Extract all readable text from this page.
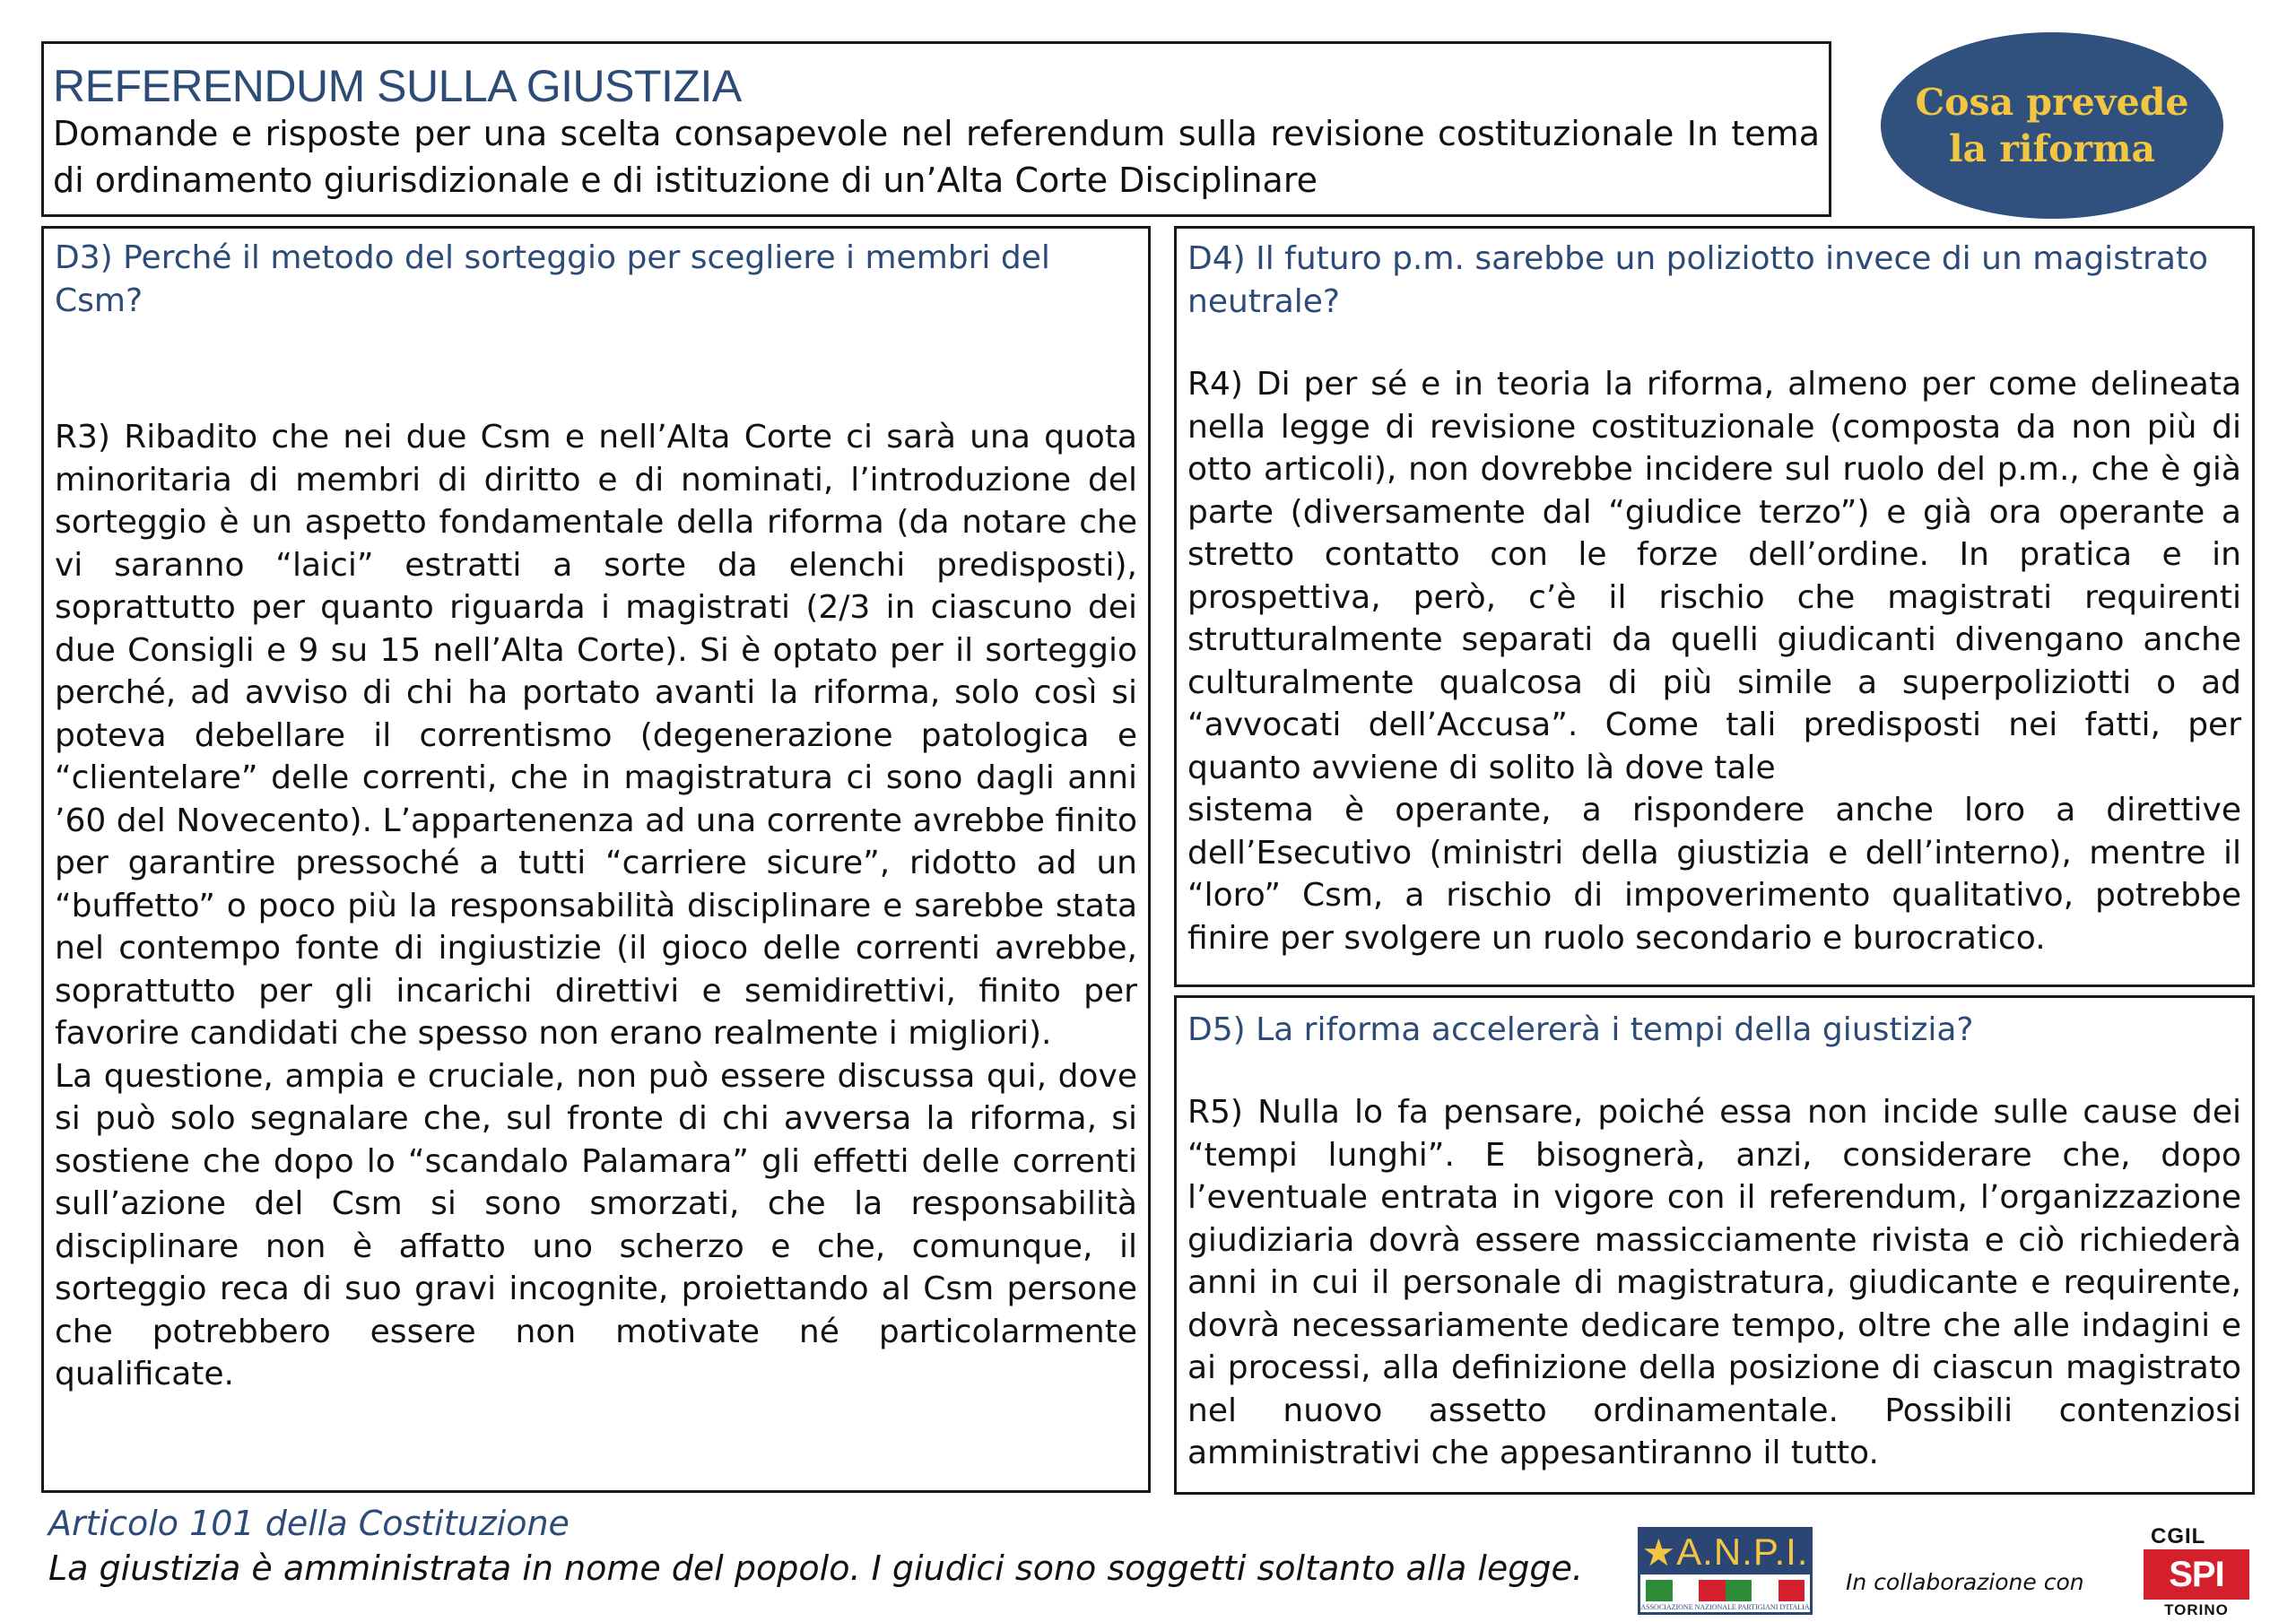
REFERENDUM SULLA GIUSTIZIA
Domande e risposte per una scelta consapevole nel referendum sulla revisione costituzionale In tema di ordinamento giurisdizionale e di istituzione di un’Alta Corte Disciplinare
Cosa prevede la riforma
D3) Perché il metodo del sorteggio per scegliere i membri del Csm?
R3) Ribadito che nei due Csm e nell’Alta Corte ci sarà una quota minoritaria di membri di diritto e di nominati, l’introduzione del sorteggio è un aspetto fondamentale della riforma (da notare che vi saranno “laici” estratti a sorte da elenchi predisposti), soprattutto per quanto riguarda i magistrati (2/3 in ciascuno dei due Consigli e 9 su 15 nell’Alta Corte). Si è optato per il sorteggio perché, ad avviso di chi ha portato avanti la riforma, solo così si poteva debellare il correntismo (degenerazione patologica e “clientelare” delle correnti, che in magistratura ci sono dagli anni ’60 del Novecento). L’appartenenza ad una corrente avrebbe finito per garantire pressoché a tutti “carriere sicure”, ridotto ad un “buffetto” o poco più la responsabilità disciplinare e sarebbe stata nel contempo fonte di ingiustizie (il gioco delle correnti avrebbe, soprattutto per gli incarichi direttivi e semidirettivi, finito per favorire candidati che spesso non erano realmente i migliori).
La questione, ampia e cruciale, non può essere discussa qui, dove si può solo segnalare che, sul fronte di chi avversa la riforma, si sostiene che dopo lo “scandalo Palamara” gli effetti delle correnti sull’azione del Csm si sono smorzati, che la responsabilità disciplinare non è affatto uno scherzo e che, comunque, il sorteggio reca di suo gravi incognite, proiettando al Csm persone che potrebbero essere non motivate né particolarmente qualificate.
D4) Il futuro p.m. sarebbe un poliziotto invece di un magistrato neutrale?
R4) Di per sé e in teoria la riforma, almeno per come delineata nella legge di revisione costituzionale (composta da non più di otto articoli), non dovrebbe incidere sul ruolo del p.m., che è già parte (diversamente dal “giudice terzo”) e già ora operante a stretto contatto con le forze dell’ordine. In pratica e in prospettiva, però, c’è il rischio che magistrati requirenti strutturalmente separati da quelli giudicanti divengano anche culturalmente qualcosa di più simile a superpoliziotti o ad “avvocati dell’Accusa”. Come tali predisposti nei fatti, per quanto avviene di solito là dove tale
sistema è operante, a rispondere anche loro a direttive dell’Esecutivo (ministri della giustizia e dell’interno), mentre il “loro” Csm, a rischio di impoverimento qualitativo, potrebbe finire per svolgere un ruolo secondario e burocratico.
D5) La riforma accelererà i tempi della giustizia?
R5) Nulla lo fa pensare, poiché essa non incide sulle cause dei “tempi lunghi”. E bisognerà, anzi, considerare che, dopo l’eventuale entrata in vigore con il referendum, l’organizzazione giudiziaria dovrà essere massicciamente rivista e ciò richiederà anni in cui il personale di magistratura, giudicante e requirente, dovrà necessariamente dedicare tempo, oltre che alle indagini e ai processi, alla definizione della posizione di ciascun magistrato nel nuovo assetto ordinamentale. Possibili contenziosi amministrativi che appesantiranno il tutto.
Articolo 101 della Costituzione
La giustizia è amministrata in nome del popolo. I giudici sono soggetti soltanto alla legge. ★ A.N.P.I.
ASSOCIAZIONE NAZIONALE PARTIGIANI D'ITALIA
In collaborazione con
CGIL
SPI
TORINO
